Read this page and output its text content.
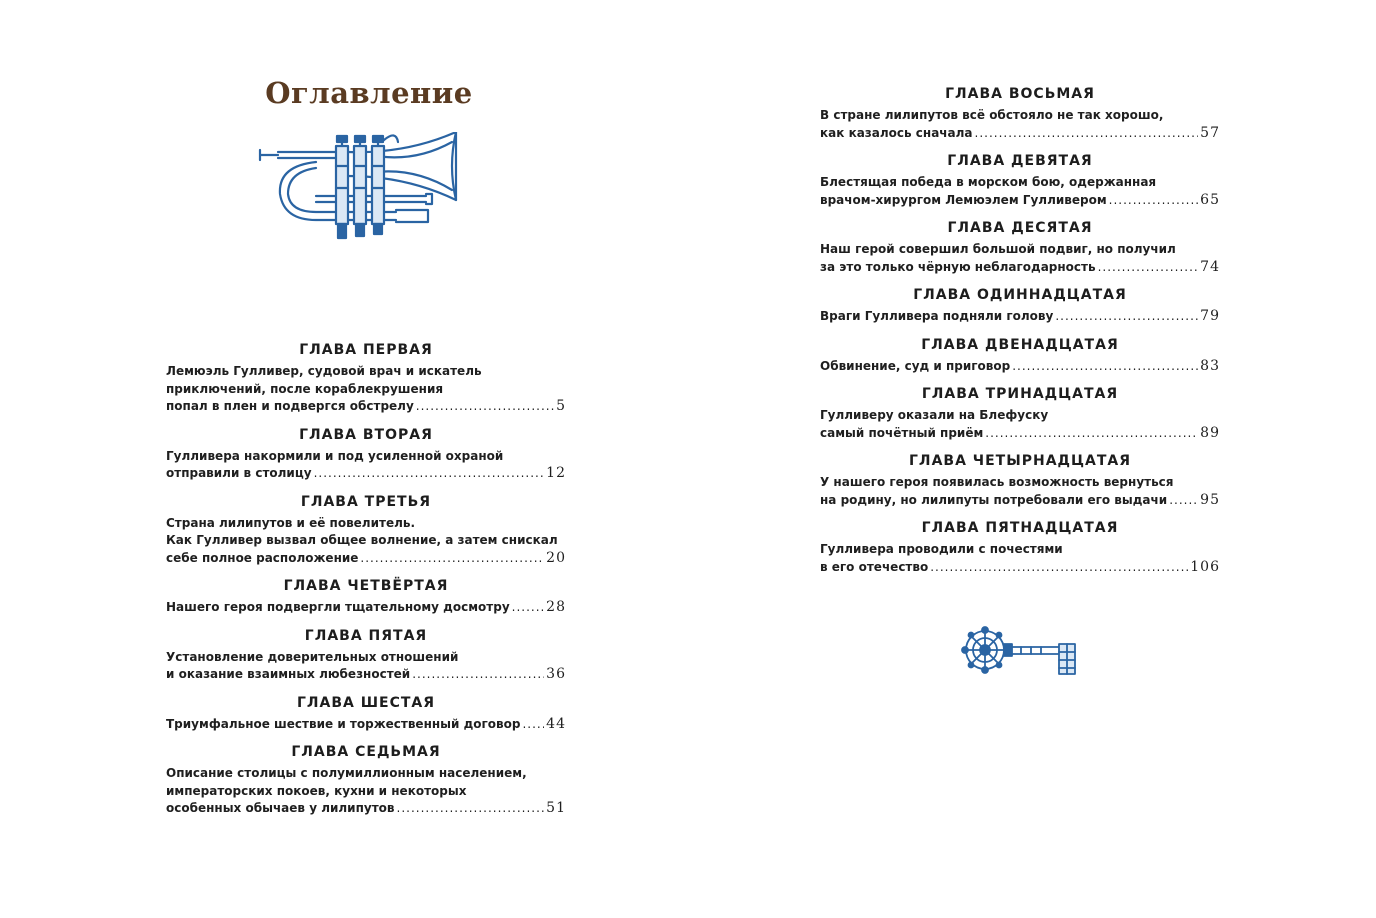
Оглавление
ГЛАВА ПЕРВАЯ
Лемюэль Гулливер, судовой врач и искатель
приключений, после кораблекрушения
попал в плен и подвергся обстрелу .....	5
ГЛАВА ВТОРАЯ
Гулливера накормили и под усиленной охраной
отправили в столицу .....	12
ГЛАВА ТРЕТЬЯ
Страна лилипутов и её повелитель.
Как Гулливер вызвал общее волнение, а затем снискал
себе полное расположение .....	20
ГЛАВА ЧЕТВЁРТАЯ
Нашего героя подвергли тщательному досмотру .....	28
ГЛАВА ПЯТАЯ
Установление доверительных отношений
и оказание взаимных любезностей .....	36
ГЛАВА ШЕСТАЯ
Триумфальное шествие и торжественный договор ..... 44
ГЛАВА СЕДЬМАЯ
Описание столицы с полумиллионным населением,
императорских покоев, кухни и некоторых
особенных обычаев у лилипутов .....	51
ГЛАВА ВОСЬМАЯ
В стране лилипутов всё обстояло не так хорошо,
как казалось сначала .....	57
ГЛАВА ДЕВЯТАЯ
Блестящая победа в морском бою, одержанная
врачом-хирургом Лемюэлем Гулливером .....	65
ГЛАВА ДЕСЯТАЯ
Наш герой совершил большой подвиг, но получил
за это только чёрную неблагодарность .....	74
ГЛАВА ОДИННАДЦАТАЯ
Враги Гулливера подняли голову .....	79
ГЛАВА ДВЕНАДЦАТАЯ
Обвинение, суд и приговор .....	83
ГЛАВА ТРИНАДЦАТАЯ
Гулливеру оказали на Блефуску
самый почётный приём .....	89
ГЛАВА ЧЕТЫРНАДЦАТАЯ
У нашего героя появилась возможность вернуться
на родину, но лилипуты потребовали его выдачи ..... 95
ГЛАВА ПЯТНАДЦАТАЯ
Гулливера проводили с почестями
в его отечество .....	106
